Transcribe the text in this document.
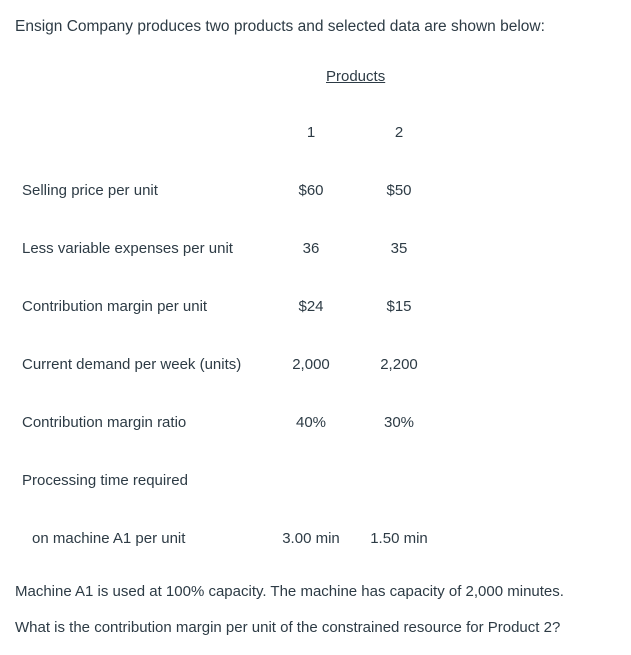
Ensign Company produces two products and selected data are shown below:
Products
1	2
Selling price per unit	$60	$50
Less variable expenses per unit	36	35
Contribution margin per unit	$24	$15
Current demand per week (units)	2,000	2,200
Contribution margin ratio	40%	30%
Processing time required
on machine A1 per unit	3.00 min	1.50 min
Machine A1 is used at 100% capacity. The machine has capacity of 2,000 minutes.
What is the contribution margin per unit of the constrained resource for Product 2?
